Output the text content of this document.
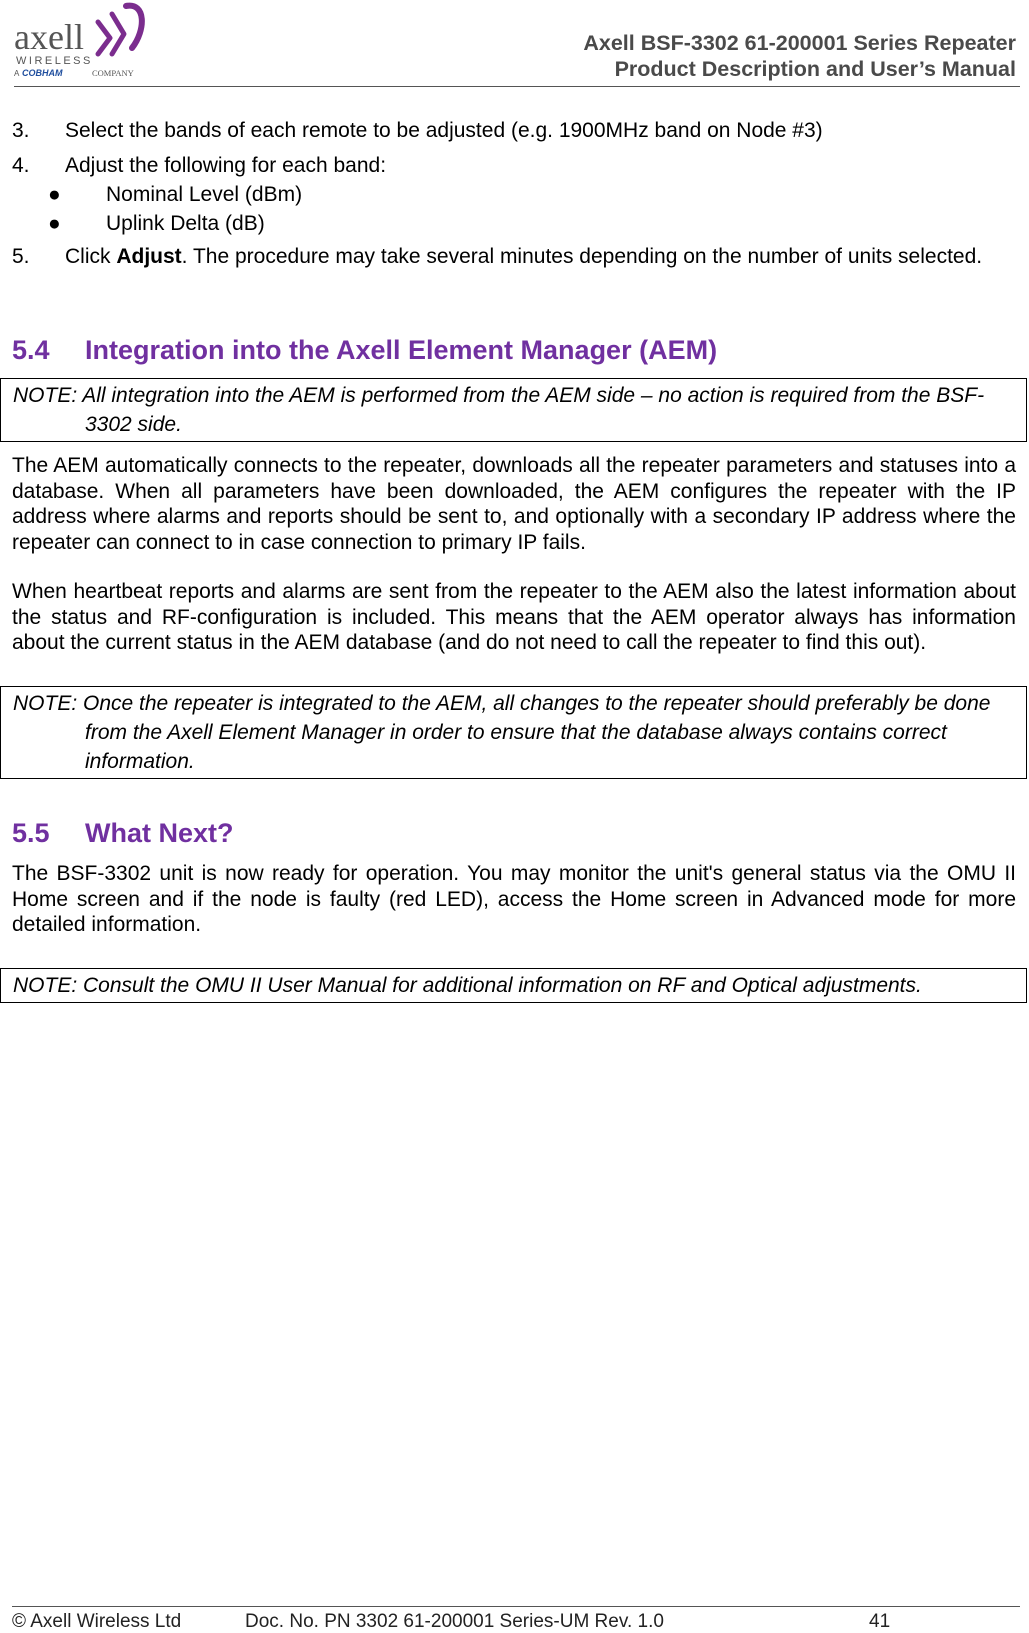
axell
WIRELESS
A COBHAM	COMPANY
Axell BSF-3302 61-200001 Series Repeater
Product Description and User’s Manual
3. Select the bands of each remote to be adjusted (e.g. 1900MHz band on Node #3)
4. Adjust the following for each band:
● Nominal Level (dBm)
● Uplink Delta (dB)
5. Click Adjust. The procedure may take several minutes depending on the number of units selected.
5.4 Integration into the Axell Element Manager (AEM)
NOTE: All integration into the AEM is performed from the AEM side – no action is required from the BSF-3302 side.
The AEM automatically connects to the repeater, downloads all the repeater parameters and statuses into a database. When all parameters have been downloaded, the AEM configures the repeater with the IP address where alarms and reports should be sent to, and optionally with a secondary IP address where the repeater can connect to in case connection to primary IP fails.
When heartbeat reports and alarms are sent from the repeater to the AEM also the latest information about the status and RF-configuration is included. This means that the AEM operator always has information about the current status in the AEM database (and do not need to call the repeater to find this out).
NOTE: Once the repeater is integrated to the AEM, all changes to the repeater should preferably be done from the Axell Element Manager in order to ensure that the database always contains correct information.
5.5 What Next?
The BSF-3302 unit is now ready for operation. You may monitor the unit's general status via the OMU II Home screen and if the node is faulty (red LED), access the Home screen in Advanced mode for more detailed information.
NOTE: Consult the OMU II User Manual for additional information on RF and Optical adjustments.
© Axell Wireless Ltd	Doc. No. PN 3302 61-200001 Series-UM Rev. 1.0	41
